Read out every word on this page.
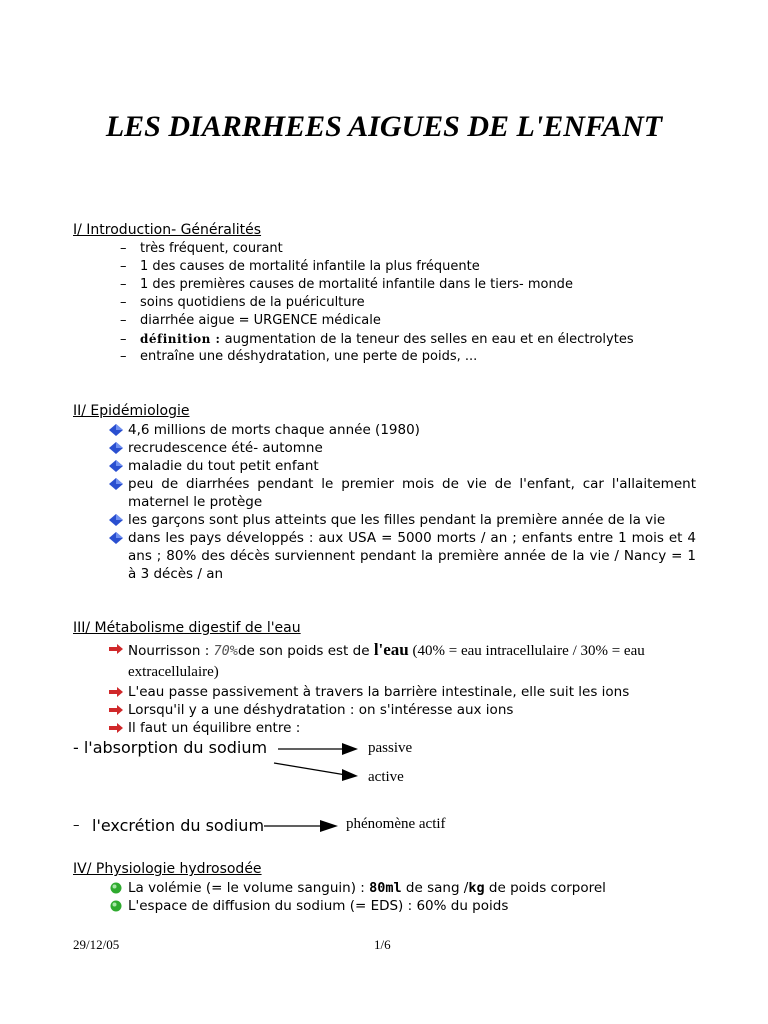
LES DIARRHEES AIGUES DE L'ENFANT
I/ Introduction- Généralités
– très fréquent, courant
– 1 des causes de mortalité infantile la plus fréquente
– 1 des premières causes de mortalité infantile dans le tiers- monde
– soins quotidiens de la puériculture
– diarrhée aigue = URGENCE médicale
– définition : augmentation de la teneur des selles en eau et en électrolytes
– entraîne une déshydratation, une perte de poids, ...
II/ Epidémiologie
4,6 millions de morts chaque année (1980)
recrudescence été- automne
maladie du tout petit enfant
peu de diarrhées pendant le premier mois de vie de l'enfant, car l'allaitement maternel le protège
les garçons sont plus atteints que les filles pendant la première année de la vie
dans les pays développés : aux USA = 5000 morts / an ; enfants entre 1 mois et 4 ans ; 80% des décès surviennent pendant la première année de la vie / Nancy = 1 à 3 décès / an
III/ Métabolisme digestif de l'eau
Nourrisson : 70%de son poids est de l'eau (40% = eau intracellulaire / 30% = eau
extracellulaire)
L'eau passe passivement à travers la barrière intestinale, elle suit les ions
Lorsqu'il y a une déshydratation : on s'intéresse aux ions
Il faut un équilibre entre :
- l'absorption du sodium	passive
active
– l'excrétion du sodium	phénomène actif
IV/ Physiologie hydrosodée
La volémie (= le volume sanguin) : 80ml de sang /kg de poids corporel
L'espace de diffusion du sodium (= EDS) : 60% du poids
29/12/05	1/6
